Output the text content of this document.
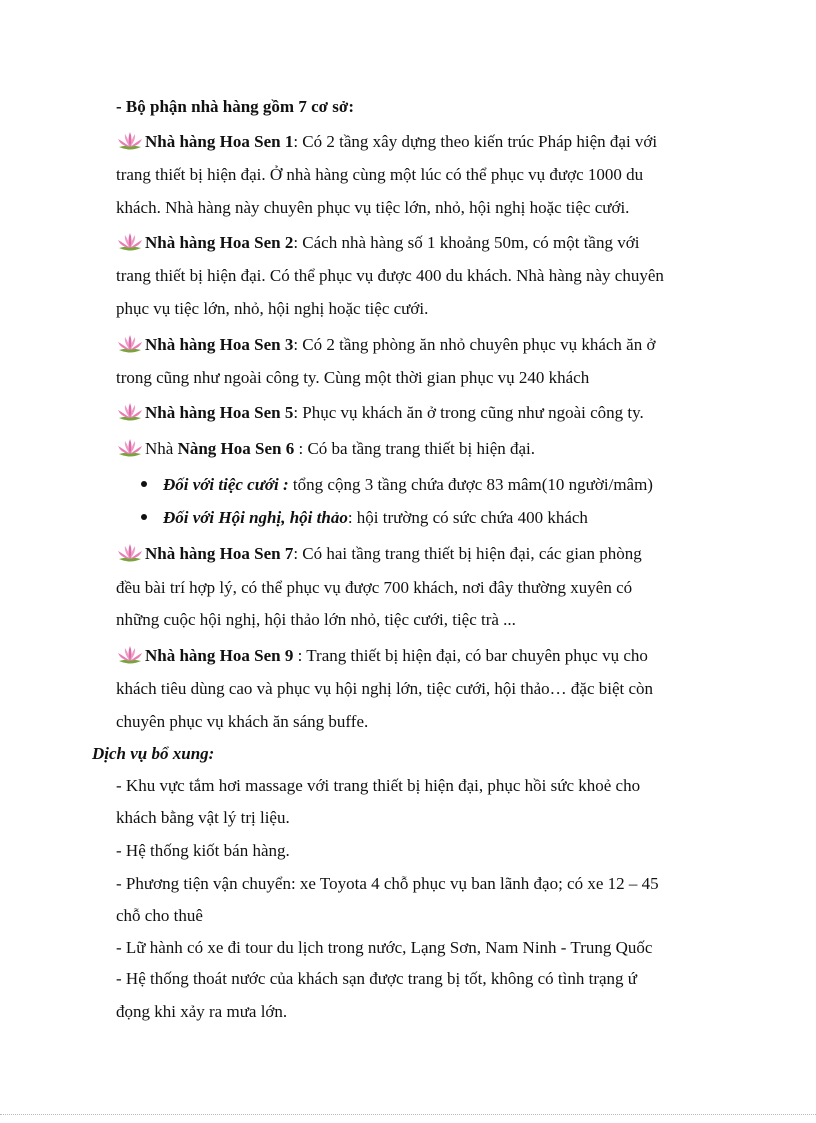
- Bộ phận nhà hàng gồm 7 cơ sở:
Nhà hàng Hoa Sen 1: Có 2 tầng xây dựng theo kiến trúc Pháp hiện đại với
trang thiết bị hiện đại. Ở nhà hàng cùng một lúc có thể phục vụ được 1000 du
khách. Nhà hàng này chuyên phục vụ tiệc lớn, nhỏ, hội nghị hoặc tiệc cưới.
Nhà hàng Hoa Sen 2: Cách nhà hàng số 1 khoảng 50m, có một tầng với
trang thiết bị hiện đại. Có thể phục vụ được 400 du khách. Nhà hàng này chuyên
phục vụ tiệc lớn, nhỏ, hội nghị hoặc tiệc cưới.
Nhà hàng Hoa Sen 3: Có 2 tầng phòng ăn nhỏ chuyên phục vụ khách ăn ở
trong cũng như ngoài công ty. Cùng một thời gian phục vụ 240 khách
Nhà hàng Hoa Sen 5: Phục vụ khách ăn ở trong cũng như ngoài công ty.
Nhà Nàng Hoa Sen 6 : Có ba tầng trang thiết bị hiện đại.
Đối với tiệc cưới : tổng cộng 3 tầng chứa được 83 mâm(10 người/mâm)
Đối với Hội nghị, hội thảo: hội trường có sức chứa 400 khách
Nhà hàng Hoa Sen 7: Có hai tầng trang thiết bị hiện đại, các gian phòng
đều bài trí hợp lý, có thể phục vụ được 700 khách, nơi đây thường xuyên có
những cuộc hội nghị, hội thảo lớn nhỏ, tiệc cưới, tiệc trà ...
Nhà hàng Hoa Sen 9 : Trang thiết bị hiện đại, có bar chuyên phục vụ cho
khách tiêu dùng cao và phục vụ hội nghị lớn, tiệc cưới, hội thảo… đặc biệt còn
chuyên phục vụ khách ăn sáng buffe.
Dịch vụ bổ xung:
- Khu vực tắm hơi massage với trang thiết bị hiện đại, phục hồi sức khoẻ cho
khách bằng vật lý trị liệu.
- Hệ thống kiốt bán hàng.
- Phương tiện vận chuyển: xe Toyota 4 chỗ phục vụ ban lãnh đạo; có xe 12 – 45
chỗ cho thuê
- Lữ hành có xe đi tour du lịch trong nước, Lạng Sơn, Nam Ninh - Trung Quốc
- Hệ thống thoát nước của khách sạn được trang bị tốt, không có tình trạng ứ
đọng khi xảy ra mưa lớn.
